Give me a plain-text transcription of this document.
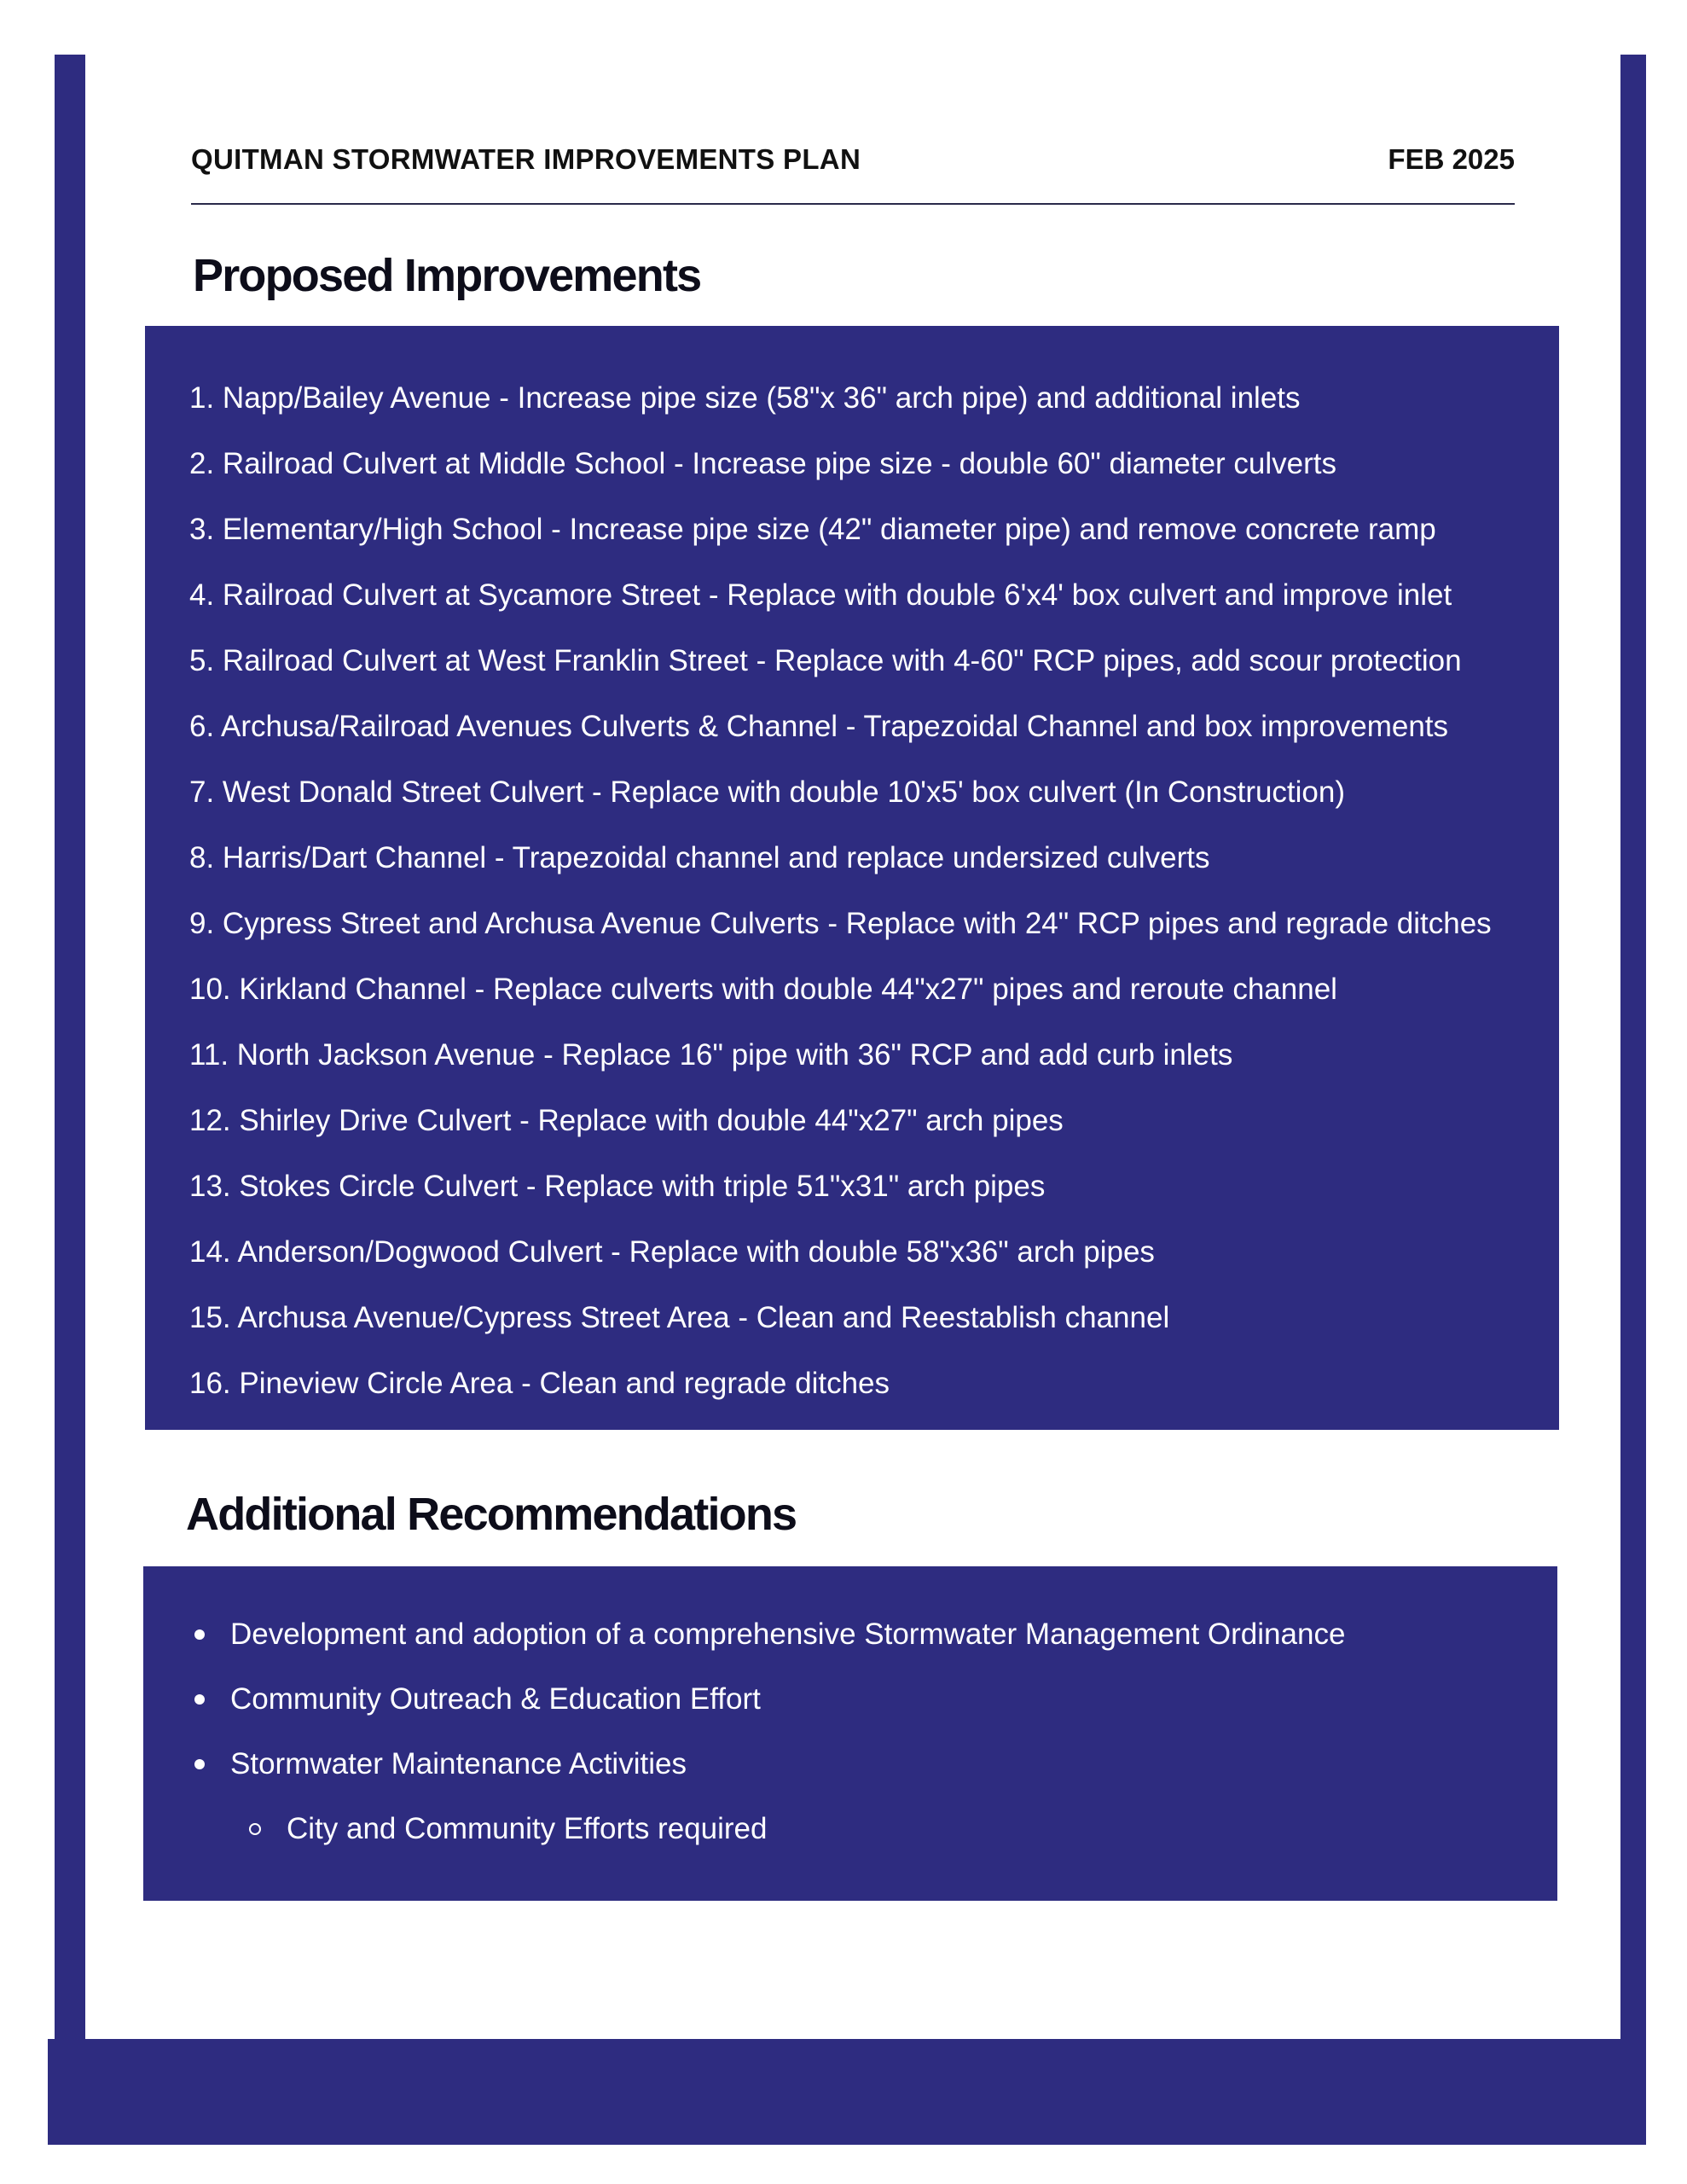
QUITMAN STORMWATER IMPROVEMENTS PLAN	FEB 2025
Proposed Improvements
1. Napp/Bailey Avenue - Increase pipe size (58"x 36" arch pipe) and additional inlets
2. Railroad Culvert at Middle School - Increase pipe size - double 60" diameter culverts
3. Elementary/High School - Increase pipe size (42" diameter pipe) and remove concrete ramp
4. Railroad Culvert at Sycamore Street - Replace with double 6'x4' box culvert and improve inlet
5. Railroad Culvert at West Franklin Street - Replace with 4-60" RCP pipes, add scour protection
6. Archusa/Railroad Avenues Culverts & Channel - Trapezoidal Channel and box improvements
7. West Donald Street Culvert - Replace with double 10'x5' box culvert (In Construction)
8. Harris/Dart Channel - Trapezoidal channel and replace undersized culverts
9. Cypress Street and Archusa Avenue Culverts - Replace with 24" RCP pipes and regrade ditches
10. Kirkland Channel - Replace culverts with double 44"x27" pipes and reroute channel
11. North Jackson Avenue - Replace 16" pipe with 36" RCP and add curb inlets
12. Shirley Drive Culvert - Replace with double 44"x27" arch pipes
13. Stokes Circle Culvert - Replace with triple 51"x31" arch pipes
14. Anderson/Dogwood Culvert - Replace with double 58"x36" arch pipes
15. Archusa Avenue/Cypress Street Area - Clean and Reestablish channel
16. Pineview Circle Area - Clean and regrade ditches
Additional Recommendations
Development and adoption of a comprehensive Stormwater Management Ordinance
Community Outreach & Education Effort
Stormwater Maintenance Activities
City and Community Efforts required
